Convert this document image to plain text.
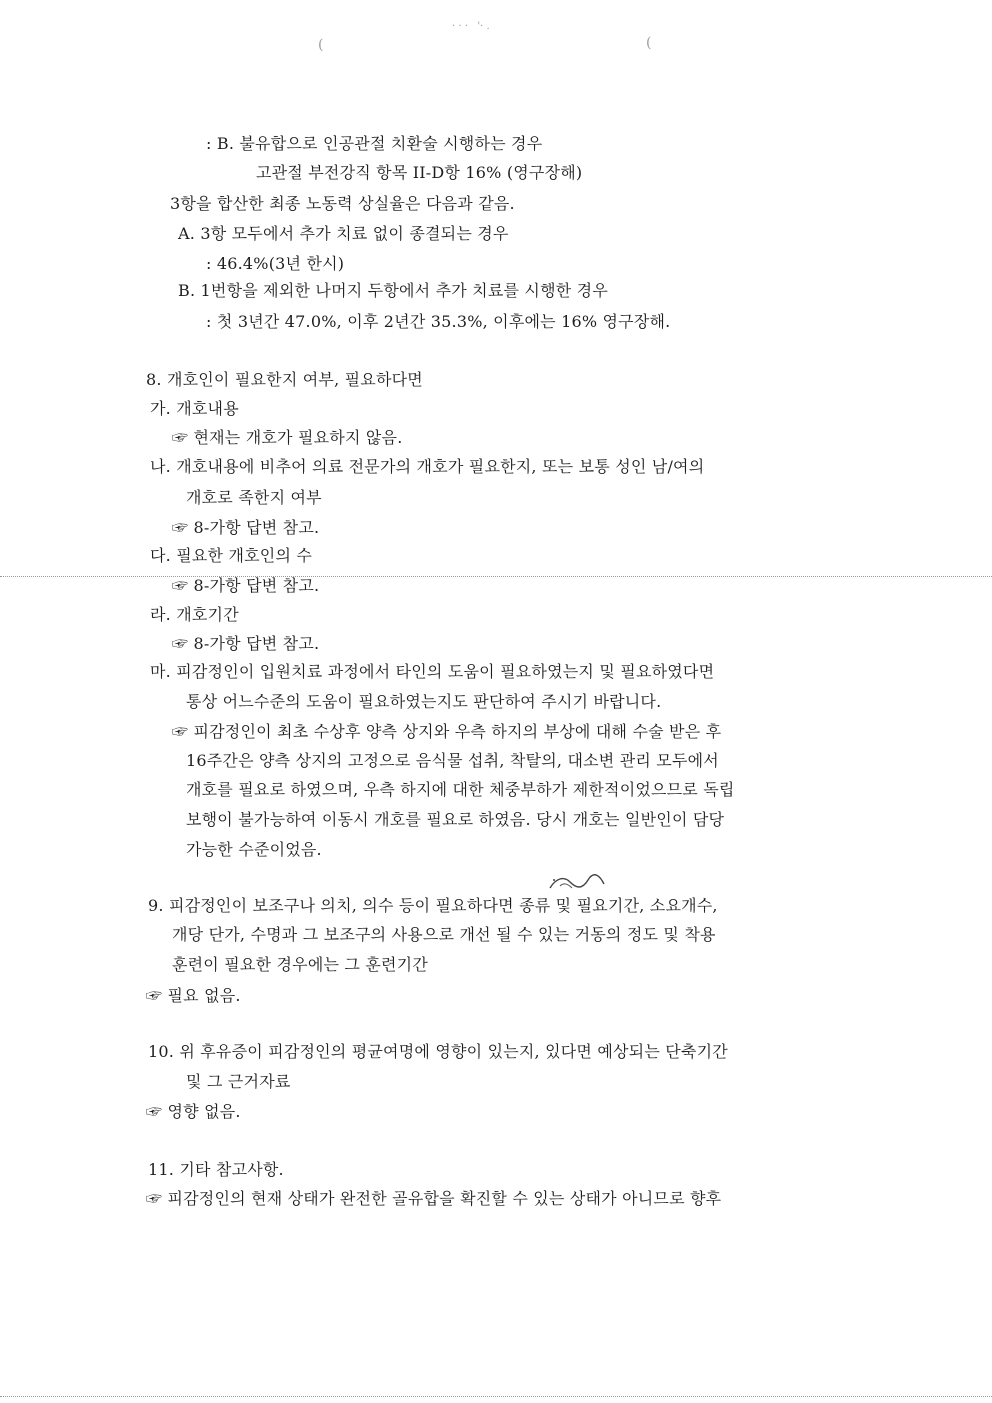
(	(
· · ·   '· .
: B. 불유합으로 인공관절 치환술 시행하는 경우
고관절 부전강직 항목 II-D항 16% (영구장해)
3항을 합산한 최종 노동력 상실율은 다음과 같음.
A. 3항 모두에서 추가 치료 없이 종결되는 경우
: 46.4%(3년 한시)
B. 1번항을 제외한 나머지 두항에서 추가 치료를 시행한 경우
: 첫 3년간 47.0%, 이후 2년간 35.3%, 이후에는 16% 영구장해.
8. 개호인이 필요한지 여부, 필요하다면
가. 개호내용
☞ 현재는 개호가 필요하지 않음.
나. 개호내용에 비추어 의료 전문가의 개호가 필요한지, 또는 보통 성인 남/여의
개호로 족한지 여부
☞ 8-가항 답변 참고.
다. 필요한 개호인의 수
☞ 8-가항 답변 참고.
라. 개호기간
☞ 8-가항 답변 참고.
마. 피감정인이 입원치료 과정에서 타인의 도움이 필요하였는지 및 필요하였다면
통상 어느수준의 도움이 필요하였는지도 판단하여 주시기 바랍니다.
☞ 피감정인이 최초 수상후 양측 상지와 우측 하지의 부상에 대해 수술 받은 후
16주간은 양측 상지의 고정으로 음식물 섭취, 착탈의, 대소변 관리 모두에서
개호를 필요로 하였으며, 우측 하지에 대한 체중부하가 제한적이었으므로 독립
보행이 불가능하여 이동시 개호를 필요로 하였음. 당시 개호는 일반인이 담당
가능한 수준이었음.
9. 피감정인이 보조구나 의치, 의수 등이 필요하다면 종류 및 필요기간, 소요개수,
개당 단가, 수명과 그 보조구의 사용으로 개선 될 수 있는 거동의 정도 및 착용
훈련이 필요한 경우에는 그 훈련기간
☞ 필요 없음.
10. 위 후유증이 피감정인의 평균여명에 영향이 있는지, 있다면 예상되는 단축기간
및 그 근거자료
☞ 영향 없음.
11. 기타 참고사항.
☞ 피감정인의 현재 상태가 완전한 골유합을 확진할 수 있는 상태가 아니므로 향후
